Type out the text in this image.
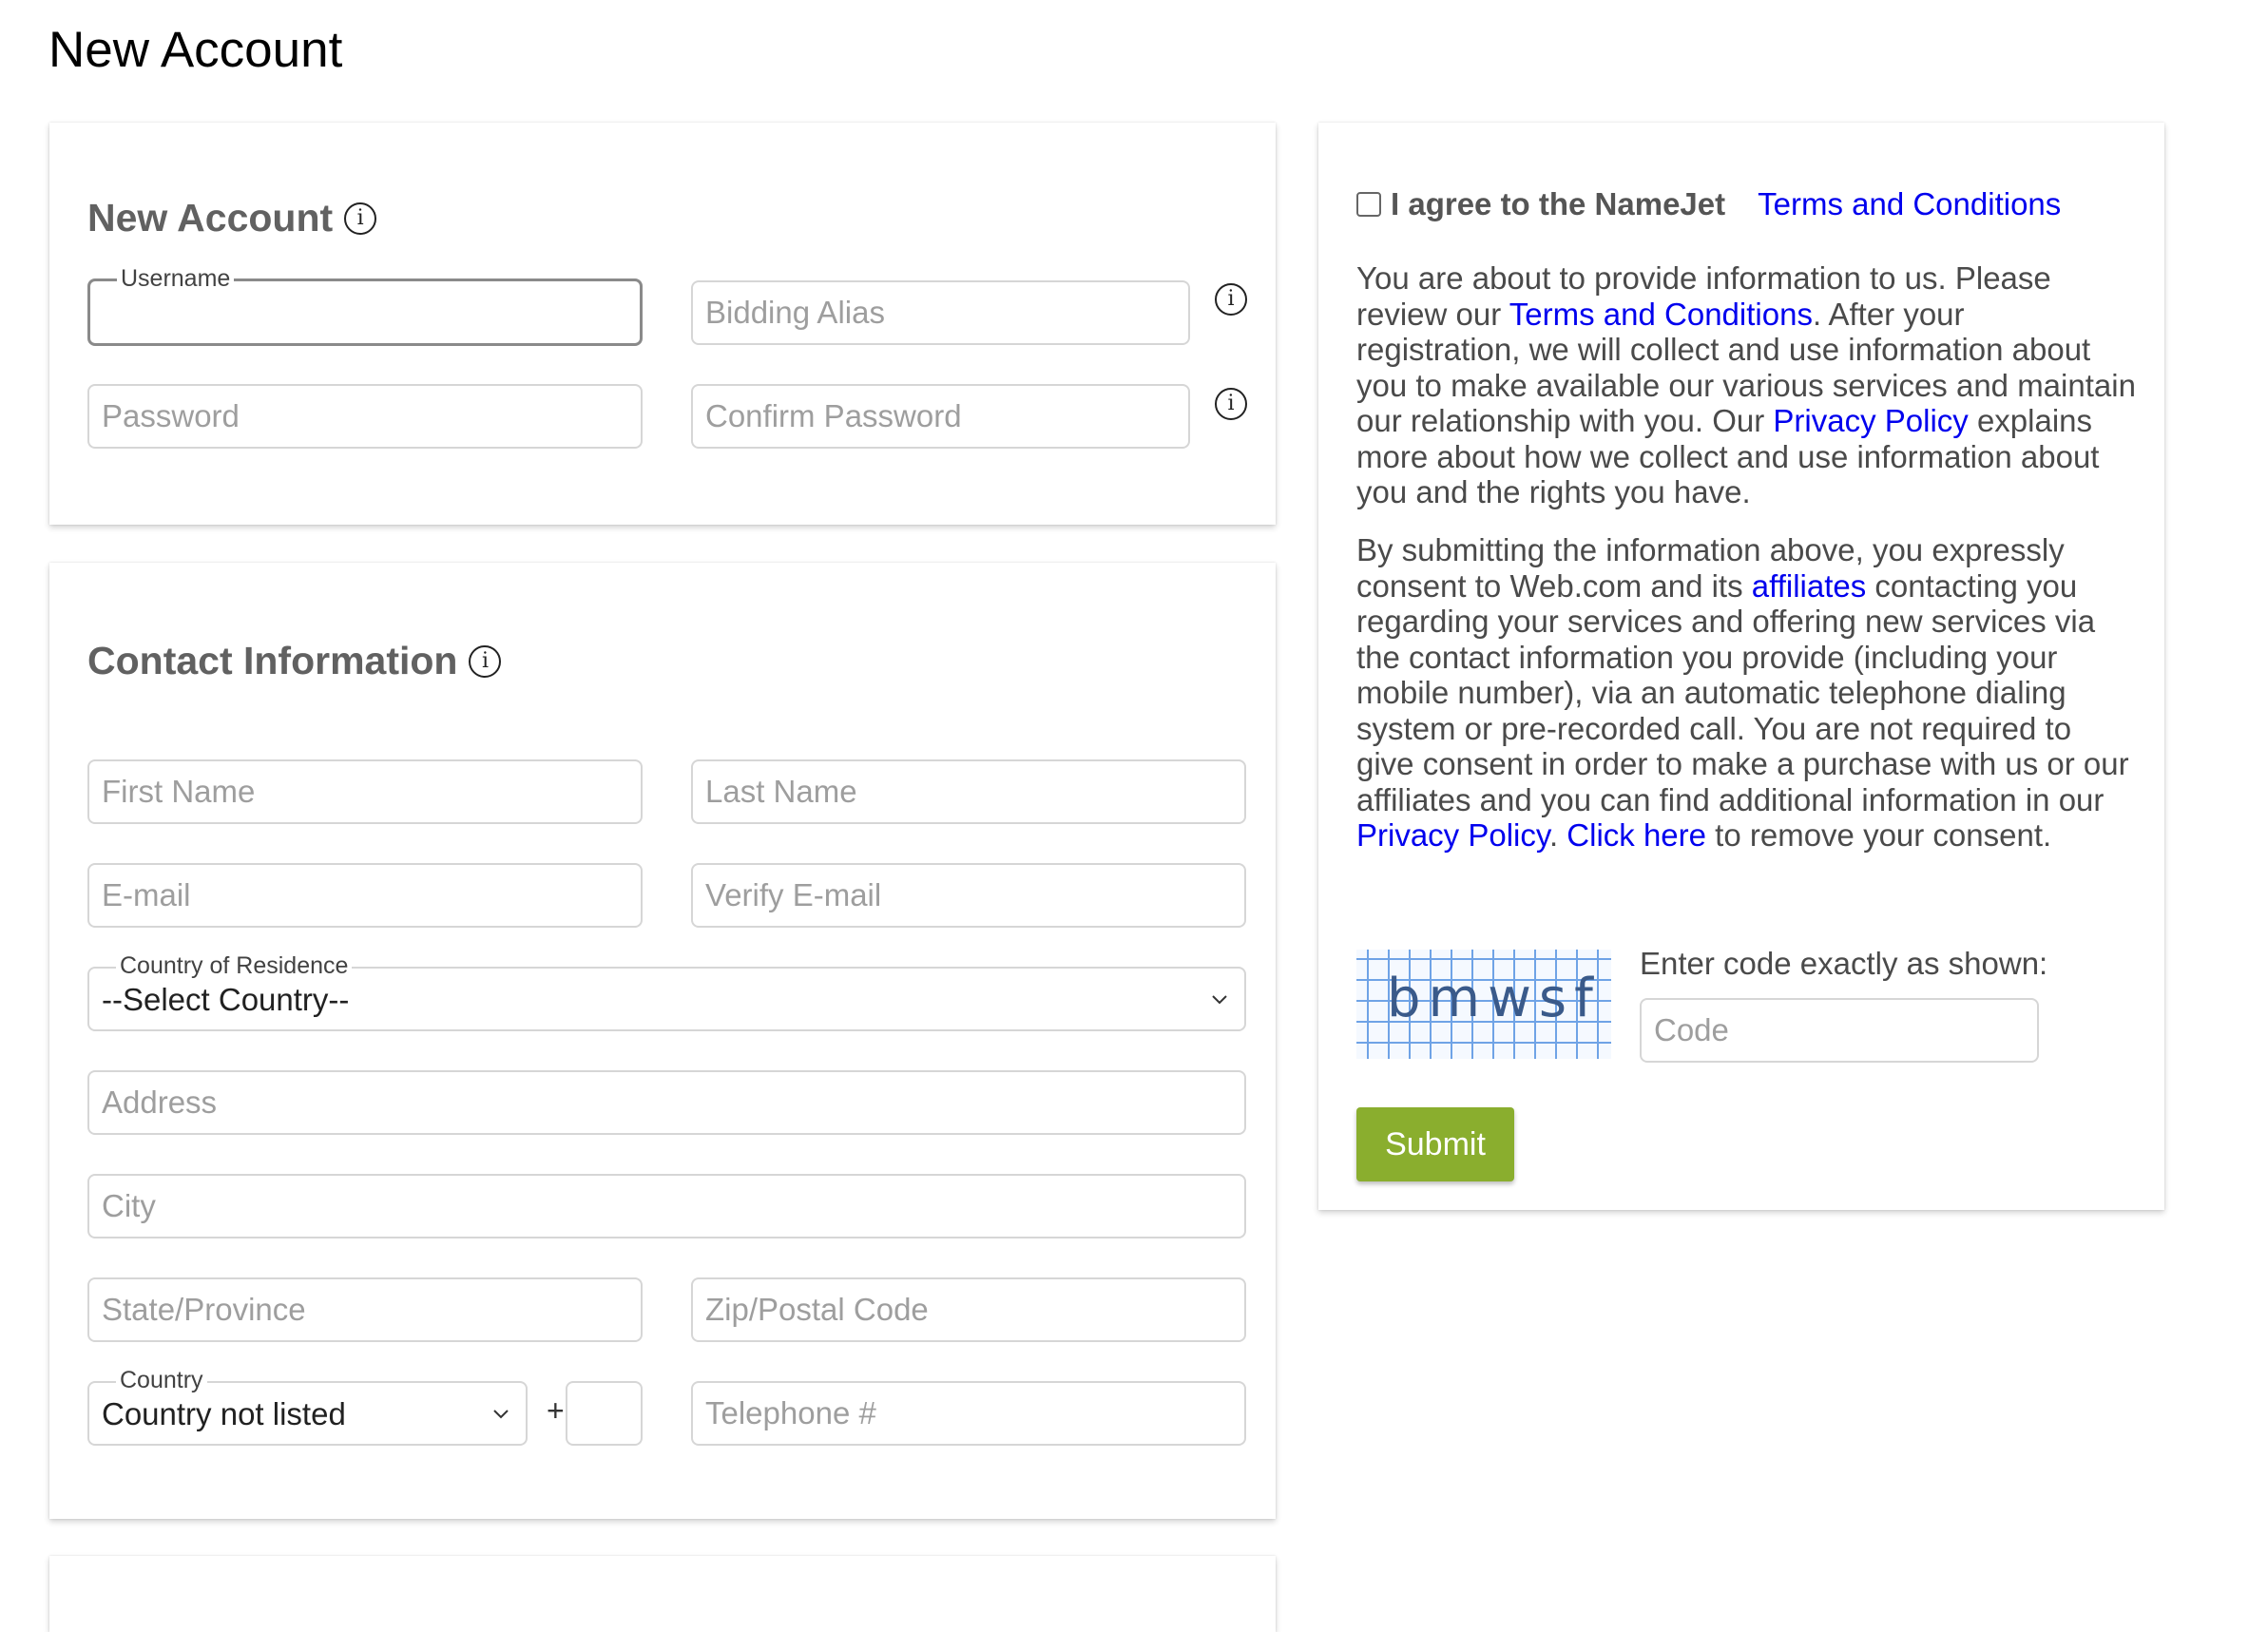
New Account
New Account	i
Username
Bidding Alias
i
i
Contact Information	i
First Name
Last Name
E-mail
Verify E-mail
Country of Residence
--Select Country--
Address
City
State/Province
Zip/Postal Code
Country
Country not listed
+
Telephone #
I agree to the NameJet Terms and Conditions

You are about to provide information to us. Please review our Terms and Conditions. After your registration, we will collect and use information about you to make available our various services and maintain our relationship with you. Our Privacy Policy explains more about how we collect and use information about you and the rights you have.

By submitting the information above, you expressly consent to Web.com and its affiliates contacting you regarding your services and offering new services via the contact information you provide (including your mobile number), via an automatic telephone dialing system or pre-recorded call. You are not required to give consent in order to make a purchase with us or our affiliates and you can find additional information in our Privacy Policy. Click here to remove your consent.

bmwsf
Enter code exactly as shown:
Code
Submit
